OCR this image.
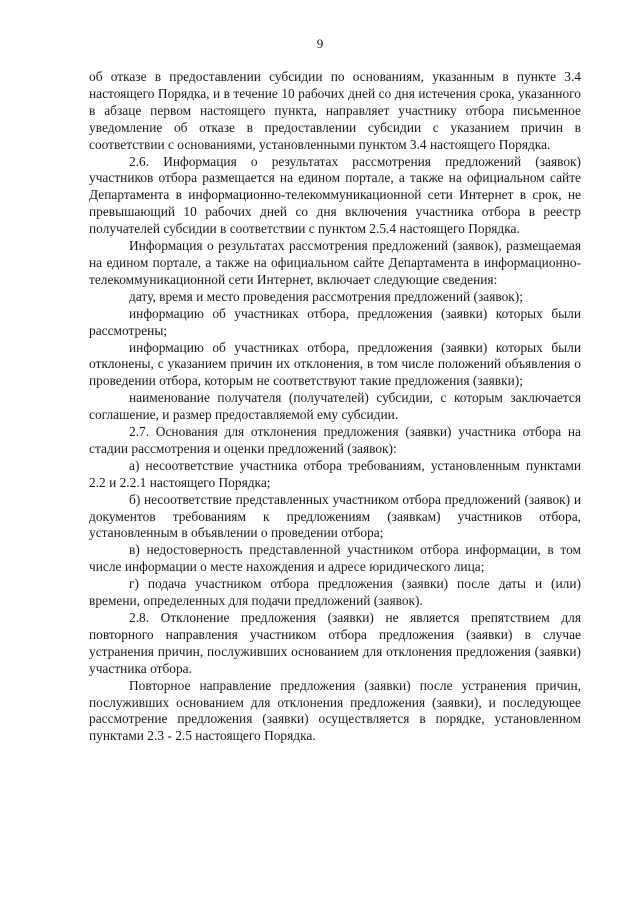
9

об отказе в предоставлении субсидии по основаниям, указанным в пункте 3.4 настоящего Порядка, и в течение 10 рабочих дней со дня истечения срока, указанного в абзаце первом настоящего пункта, направляет участнику отбора письменное уведомление об отказе в предоставлении субсидии с указанием причин в соответствии с основаниями, установленными пунктом 3.4 настоящего Порядка.

2.6. Информация о результатах рассмотрения предложений (заявок) участников отбора размещается на едином портале, а также на официальном сайте Департамента в информационно-телекоммуникационной сети Интернет в срок, не превышающий 10 рабочих дней со дня включения участника отбора в реестр получателей субсидии в соответствии с пунктом 2.5.4 настоящего Порядка.

Информация о результатах рассмотрения предложений (заявок), размещаемая на едином портале, а также на официальном сайте Департамента в информационно-телекоммуникационной сети Интернет, включает следующие сведения:

дату, время и место проведения рассмотрения предложений (заявок);

информацию об участниках отбора, предложения (заявки) которых были рассмотрены;

информацию об участниках отбора, предложения (заявки) которых были отклонены, с указанием причин их отклонения, в том числе положений объявления о проведении отбора, которым не соответствуют такие предложения (заявки);

наименование получателя (получателей) субсидии, с которым заключается соглашение, и размер предоставляемой ему субсидии.

2.7. Основания для отклонения предложения (заявки) участника отбора на стадии рассмотрения и оценки предложений (заявок):

а) несоответствие участника отбора требованиям, установленным пунктами 2.2 и 2.2.1 настоящего Порядка;

б) несоответствие представленных участником отбора предложений (заявок) и документов требованиям к предложениям (заявкам) участников отбора, установленным в объявлении о проведении отбора;

в) недостоверность представленной участником отбора информации, в том числе информации о месте нахождения и адресе юридического лица;

г) подача участником отбора предложения (заявки) после даты и (или) времени, определенных для подачи предложений (заявок).

2.8. Отклонение предложения (заявки) не является препятствием для повторного направления участником отбора предложения (заявки) в случае устранения причин, послуживших основанием для отклонения предложения (заявки) участника отбора.

Повторное направление предложения (заявки) после устранения причин, послуживших основанием для отклонения предложения (заявки), и последующее рассмотрение предложения (заявки) осуществляется в порядке, установленном пунктами 2.3 - 2.5 настоящего Порядка.
